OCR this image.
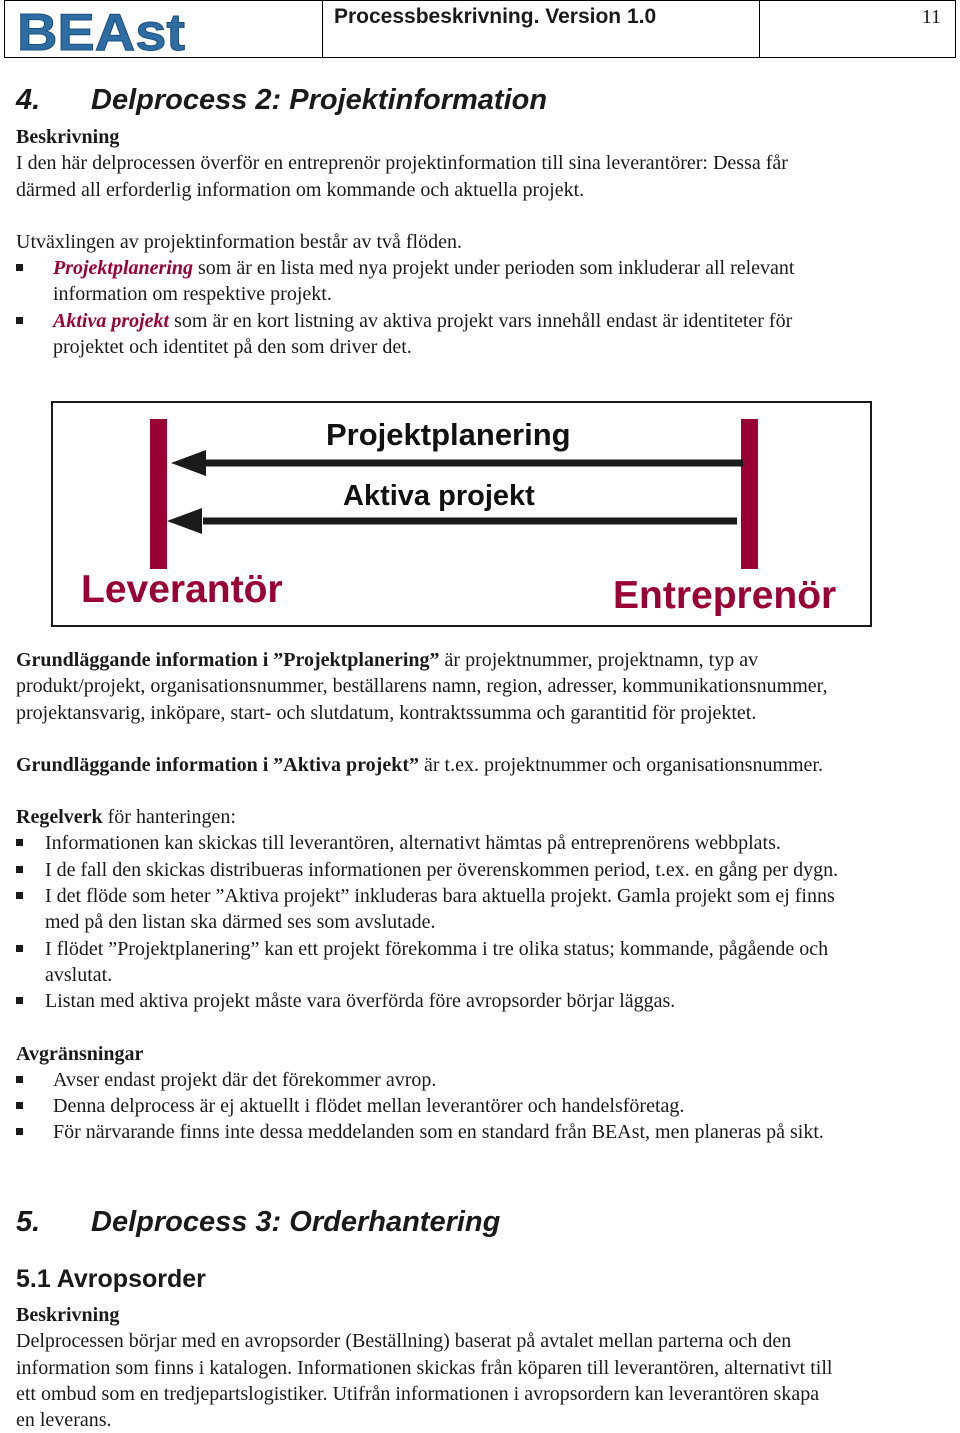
BEAst	Processbeskrivning. Version 1.0	11
4. Delprocess 2: Projektinformation
Beskrivning
I den här delprocessen överför en entreprenör projektinformation till sina leverantörer: Dessa får
därmed all erforderlig information om kommande och aktuella projekt.
Utväxlingen av projektinformation består av två flöden.
Projektplanering som är en lista med nya projekt under perioden som inkluderar all relevant
information om respektive projekt.
Aktiva projekt som är en kort listning av aktiva projekt vars innehåll endast är identiteter för
projektet och identitet på den som driver det.
Projektplanering
Aktiva projekt
Leverantör	Entreprenör
Grundläggande information i ”Projektplanering” är projektnummer, projektnamn, typ av
produkt/projekt, organisationsnummer, beställarens namn, region, adresser, kommunikationsnummer,
projektansvarig, inköpare, start- och slutdatum, kontraktssumma och garantitid för projektet.
Grundläggande information i ”Aktiva projekt” är t.ex. projektnummer och organisationsnummer.
Regelverk för hanteringen:
Informationen kan skickas till leverantören, alternativt hämtas på entreprenörens webbplats.
I de fall den skickas distribueras informationen per överenskommen period, t.ex. en gång per dygn.
I det flöde som heter ”Aktiva projekt” inkluderas bara aktuella projekt. Gamla projekt som ej finns
med på den listan ska därmed ses som avslutade.
I flödet ”Projektplanering” kan ett projekt förekomma i tre olika status; kommande, pågående och
avslutat.
Listan med aktiva projekt måste vara överförda före avropsorder börjar läggas.
Avgränsningar
Avser endast projekt där det förekommer avrop.
Denna delprocess är ej aktuellt i flödet mellan leverantörer och handelsföretag.
För närvarande finns inte dessa meddelanden som en standard från BEAst, men planeras på sikt.
5. Delprocess 3: Orderhantering
5.1 Avropsorder
Beskrivning
Delprocessen börjar med en avropsorder (Beställning) baserat på avtalet mellan parterna och den
information som finns i katalogen. Informationen skickas från köparen till leverantören, alternativt till
ett ombud som en tredjepartslogistiker. Utifrån informationen i avropsordern kan leverantören skapa
en leverans.
